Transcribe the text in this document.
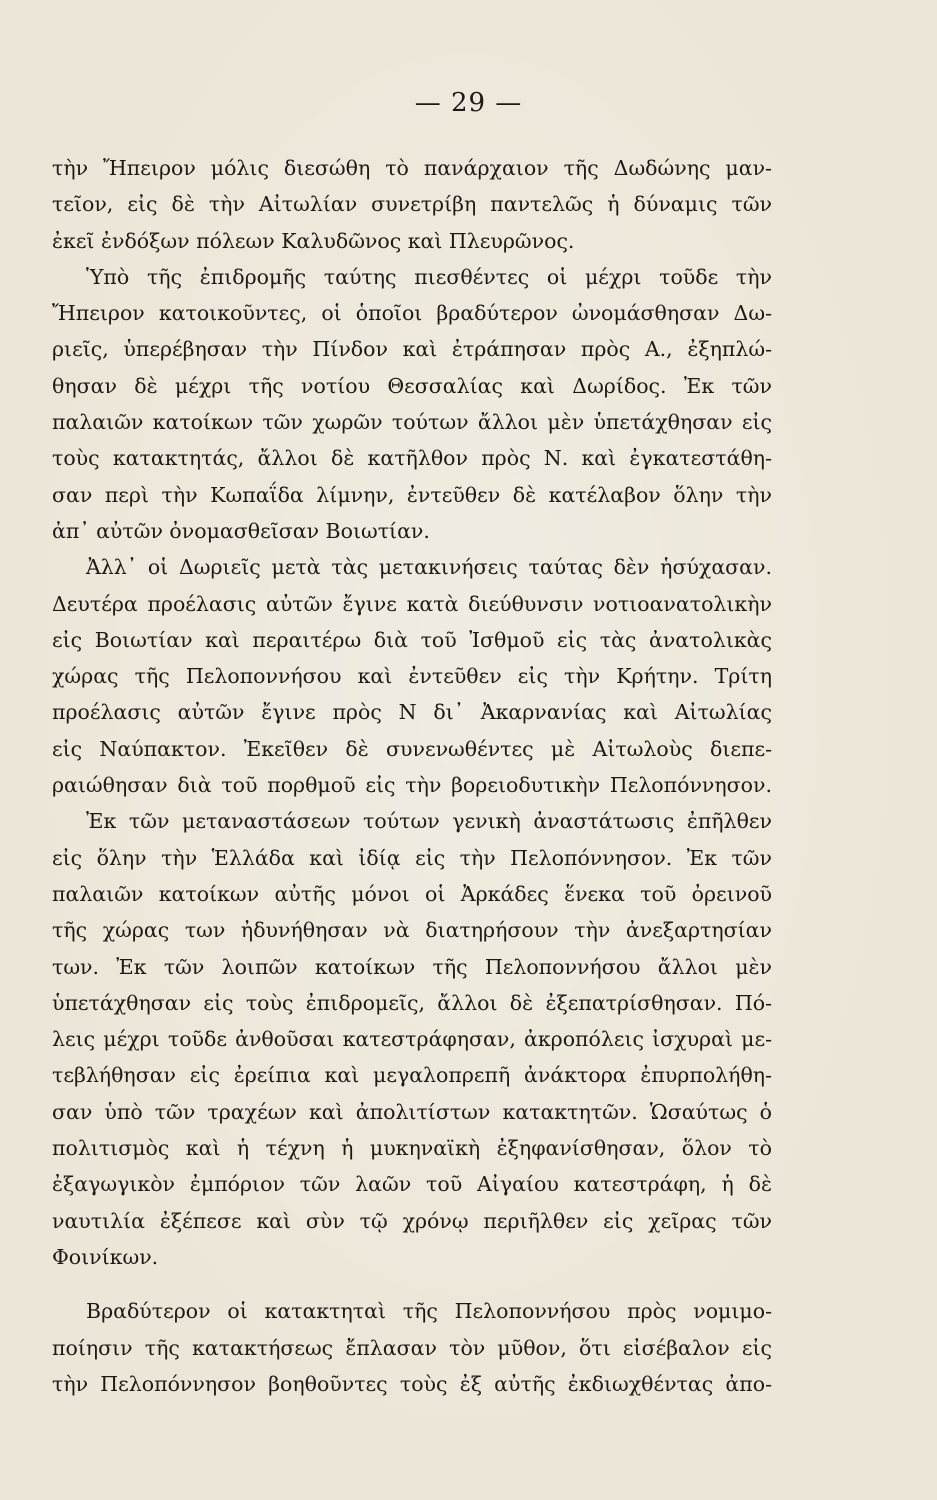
— 29 —
τὴν Ἤπειρον μόλις διεσώθη τὸ πανάρχαιον τῆς Δωδώνης μαν-
τεῖον, εἰς δὲ τὴν Αἰτωλίαν συνετρίβη παντελῶς ἡ δύναμις τῶν
ἐκεῖ ἐνδόξων πόλεων Καλυδῶνος καὶ Πλευρῶνος.
Ὑπὸ τῆς ἐπιδρομῆς ταύτης πιεσθέντες οἱ μέχρι τοῦδε τὴν
Ἤπειρον κατοικοῦντες, οἱ ὁποῖοι βραδύτερον ὠνομάσθησαν Δω-
ριεῖς, ὑπερέβησαν τὴν Πίνδον καὶ ἐτράπησαν πρὸς Α., ἐξηπλώ-
θησαν δὲ μέχρι τῆς νοτίου Θεσσαλίας καὶ Δωρίδος. Ἐκ τῶν
παλαιῶν κατοίκων τῶν χωρῶν τούτων ἄλλοι μὲν ὑπετάχθησαν εἰς
τοὺς κατακτητάς, ἄλλοι δὲ κατῆλθον πρὸς Ν. καὶ ἐγκατεστάθη-
σαν περὶ τὴν Κωπαΐδα λίμνην, ἐντεῦθεν δὲ κατέλαβον ὅλην τὴν
ἀπ᾽ αὐτῶν ὀνομασθεῖσαν Βοιωτίαν.
Ἀλλ᾽ οἱ Δωριεῖς μετὰ τὰς μετακινήσεις ταύτας δὲν ἡσύχασαν.
Δευτέρα προέλασις αὐτῶν ἔγινε κατὰ διεύθυνσιν νοτιοανατολικὴν
εἰς Βοιωτίαν καὶ περαιτέρω διὰ τοῦ Ἰσθμοῦ εἰς τὰς ἀνατολικὰς
χώρας τῆς Πελοποννήσου καὶ ἐντεῦθεν εἰς τὴν Κρήτην. Τρίτη
προέλασις αὐτῶν ἔγινε πρὸς Ν δι᾽ Ἀκαρνανίας καὶ Αἰτωλίας
εἰς Ναύπακτον. Ἐκεῖθεν δὲ συνενωθέντες μὲ Αἰτωλοὺς διεπε-
ραιώθησαν διὰ τοῦ πορθμοῦ εἰς τὴν βορειοδυτικὴν Πελοπόννησον.
Ἐκ τῶν μεταναστάσεων τούτων γενικὴ ἀναστάτωσις ἐπῆλθεν
εἰς ὅλην τὴν Ἑλλάδα καὶ ἰδίᾳ εἰς τὴν Πελοπόννησον. Ἐκ τῶν
παλαιῶν κατοίκων αὐτῆς μόνοι οἱ Ἀρκάδες ἕνεκα τοῦ ὀρεινοῦ
τῆς χώρας των ἠδυνήθησαν νὰ διατηρήσουν τὴν ἀνεξαρτησίαν
των. Ἐκ τῶν λοιπῶν κατοίκων τῆς Πελοποννήσου ἄλλοι μὲν
ὑπετάχθησαν εἰς τοὺς ἐπιδρομεῖς, ἄλλοι δὲ ἐξεπατρίσθησαν. Πό-
λεις μέχρι τοῦδε ἀνθοῦσαι κατεστράφησαν, ἀκροπόλεις ἰσχυραὶ με-
τεβλήθησαν εἰς ἐρείπια καὶ μεγαλοπρεπῆ ἀνάκτορα ἐπυρπολήθη-
σαν ὑπὸ τῶν τραχέων καὶ ἀπολιτίστων κατακτητῶν. Ὡσαύτως ὁ
πολιτισμὸς καὶ ἡ τέχνη ἡ μυκηναϊκὴ ἐξηφανίσθησαν, ὅλον τὸ
ἐξαγωγικὸν ἐμπόριον τῶν λαῶν τοῦ Αἰγαίου κατεστράφη, ἡ δὲ
ναυτιλία ἐξέπεσε καὶ σὺν τῷ χρόνῳ περιῆλθεν εἰς χεῖρας τῶν
Φοινίκων.
Βραδύτερον οἱ κατακτηταὶ τῆς Πελοποννήσου πρὸς νομιμο-
ποίησιν τῆς κατακτήσεως ἔπλασαν τὸν μῦθον, ὅτι εἰσέβαλον εἰς
τὴν Πελοπόννησον βοηθοῦντες τοὺς ἐξ αὐτῆς ἐκδιωχθέντας ἀπο-
